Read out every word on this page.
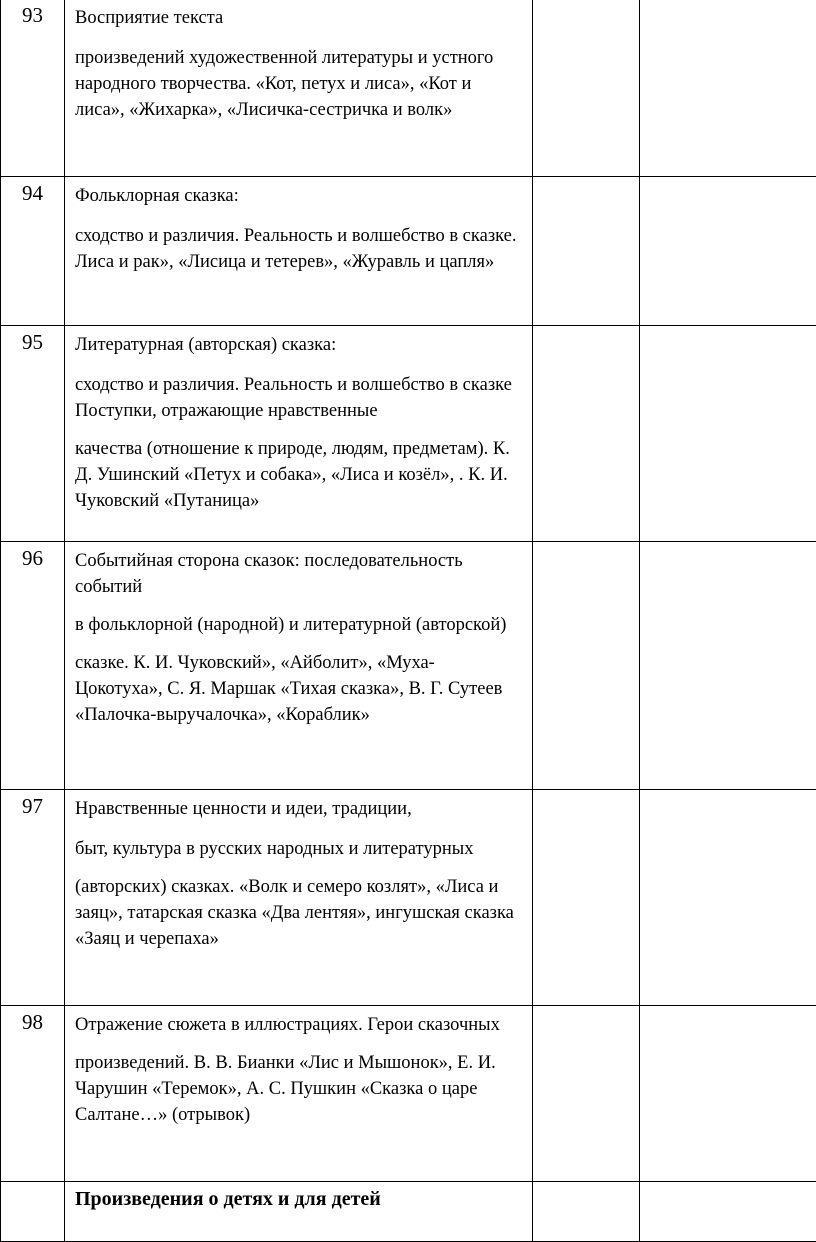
93	Восприятие текста

произведений художественной литературы и устного народного творчества. «Кот, петух и лиса», «Кот и лиса», «Жихарка», «Лисичка-сестричка и волк»		

94	Фольклорная сказка:

сходство и различия. Реальность и волшебство в сказке. Лиса и рак», «Лисица и тетерев», «Журавль и цапля»		

95	Литературная (авторская) сказка:

сходство и различия. Реальность и волшебство в сказке Поступки, отражающие нравственные

качества (отношение к природе, людям, предметам). К. Д. Ушинский «Петух и собака», «Лиса и козёл», . К. И. Чуковский «Путаница»		

96	Событийная сторона сказок: последовательность событий

в фольклорной (народной) и литературной (авторской)

сказке. К. И. Чуковский», «Айболит», «Муха-Цокотуха», С. Я. Маршак «Тихая сказка», В. Г. Сутеев «Палочка-выручалочка», «Кораблик»		

97	Нравственные ценности и идеи, традиции,

быт, культура в русских народных и литературных

(авторских) сказках. «Волк и семеро козлят», «Лиса и заяц», татарская сказка «Два лентяя», ингушская сказка «Заяц и черепаха»		

98	Отражение сюжета в иллюстрациях. Герои сказочных

произведений. В. В. Бианки «Лис и Мышонок», Е. И. Чарушин «Теремок», А. С. Пушкин «Сказка о царе Салтане…» (отрывок)		

	Произведения о детях и для детей		
